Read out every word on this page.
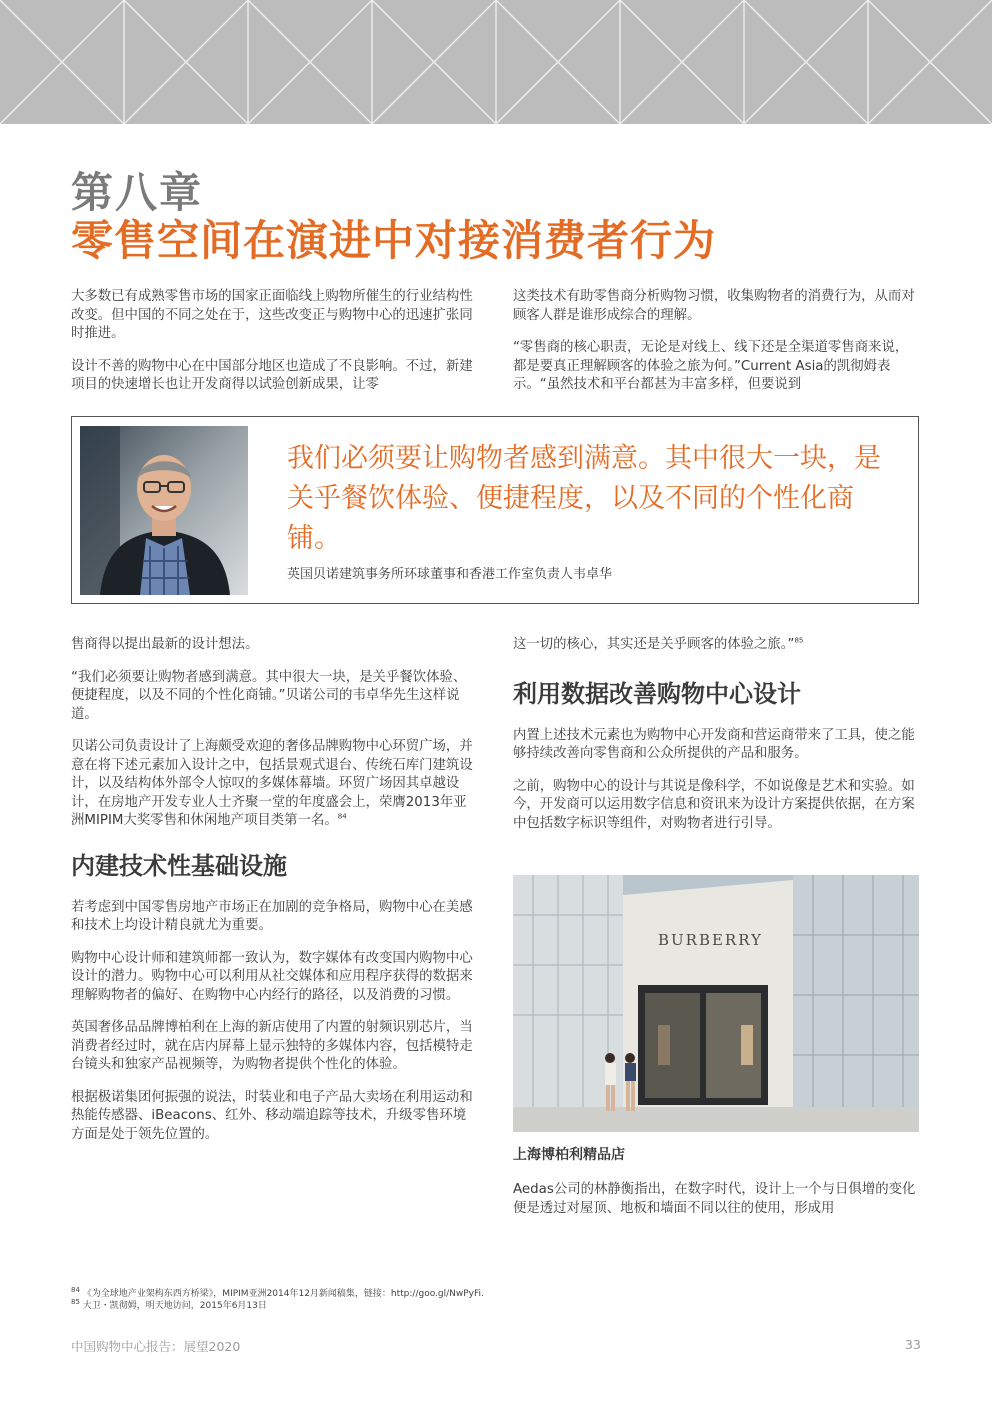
第八章
零售空间在演进中对接消费者行为

大多数已有成熟零售市场的国家正面临线上购物所催生的行业结构性改变。但中国的不同之处在于，这些改变正与购物中心的迅速扩张同时推进。

设计不善的购物中心在中国部分地区也造成了不良影响。不过，新建项目的快速增长也让开发商得以试验创新成果，让零

这类技术有助零售商分析购物习惯，收集购物者的消费行为，从而对顾客人群是谁形成综合的理解。

“零售商的核心职责，无论是对线上、线下还是全渠道零售商来说，都是要真正理解顾客的体验之旅为何。”Current Asia的凯彻姆表示。“虽然技术和平台都甚为丰富多样，但要说到

我们必须要让购物者感到满意。其中很大一块，是关乎餐饮体验、便捷程度，以及不同的个性化商铺。

英国贝诺建筑事务所环球董事和香港工作室负责人韦卓华

售商得以提出最新的设计想法。

“我们必须要让购物者感到满意。其中很大一块，是关乎餐饮体验、便捷程度，以及不同的个性化商铺。”贝诺公司的韦卓华先生这样说道。

贝诺公司负责设计了上海颇受欢迎的奢侈品牌购物中心环贸广场，并意在将下述元素加入设计之中，包括景观式退台、传统石库门建筑设计，以及结构体外部令人惊叹的多媒体幕墙。环贸广场因其卓越设计，在房地产开发专业人士齐聚一堂的年度盛会上，荣膺2013年亚洲MIPIM大奖零售和休闲地产项目类第一名。$^{84}$

内建技术性基础设施

若考虑到中国零售房地产市场正在加剧的竞争格局，购物中心在美感和技术上均设计精良就尤为重要。

购物中心设计师和建筑师都一致认为，数字媒体有改变国内购物中心设计的潜力。购物中心可以利用从社交媒体和应用程序获得的数据来理解购物者的偏好、在购物中心内经行的路径，以及消费的习惯。

英国奢侈品品牌博柏利在上海的新店使用了内置的射频识别芯片，当消费者经过时，就在店内屏幕上显示独特的多媒体内容，包括模特走台镜头和独家产品视频等，为购物者提供个性化的体验。

根据极诺集团何振强的说法，时装业和电子产品大卖场在利用运动和热能传感器、iBeacons、红外、移动端追踪等技术，升级零售环境方面是处于领先位置的。

这一切的核心，其实还是关乎顾客的体验之旅。”$^{85}$

利用数据改善购物中心设计

内置上述技术元素也为购物中心开发商和营运商带来了工具，使之能够持续改善向零售商和公众所提供的产品和服务。

之前，购物中心的设计与其说是像科学，不如说像是艺术和实验。如今，开发商可以运用数字信息和资讯来为设计方案提供依据，在方案中包括数字标识等组件，对购物者进行引导。

BURBERRY

上海博柏利精品店

Aedas公司的林静衡指出，在数字时代，设计上一个与日俱增的变化便是透过对屋顶、地板和墙面不同以往的使用，形成用

$^{84}$ 《为全球地产业架构东西方桥梁》，MIPIM亚洲2014年12月新闻稿集，链接：http://goo.gl/NwPyFi.
$^{85}$ 大卫・凯彻姆，明天地访问，2015年6月13日

中国购物中心报告：展望2020	33
